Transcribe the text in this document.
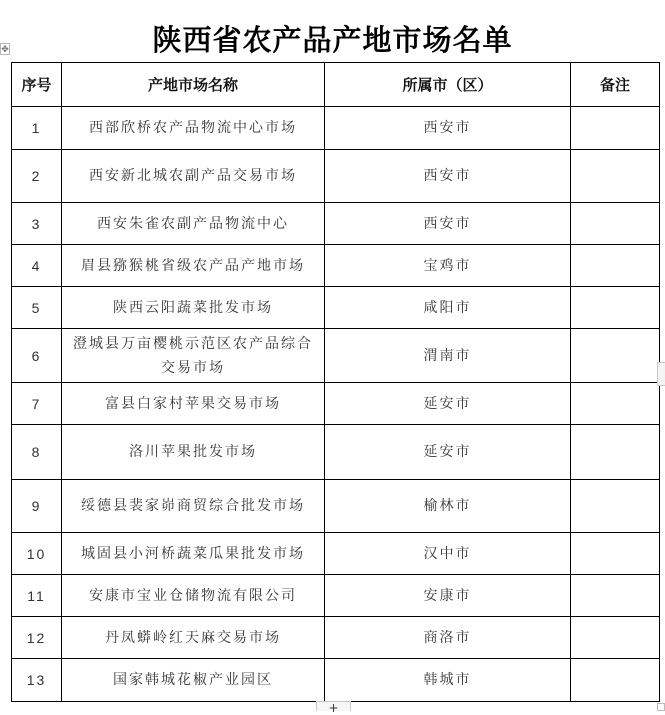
陕西省农产品产地市场名单
✥
序号	产地市场名称	所属市（区）	备注
1	西部欣桥农产品物流中心市场	西安市	
2	西安新北城农副产品交易市场	西安市	
3	西安朱雀农副产品物流中心	西安市	
4	眉县猕猴桃省级农产品产地市场	宝鸡市	
5	陕西云阳蔬菜批发市场	咸阳市	
6	澄城县万亩樱桃示范区农产品综合交易市场	渭南市	
7	富县白家村苹果交易市场	延安市	
8	洛川苹果批发市场	延安市	
9	绥德县裴家峁商贸综合批发市场	榆林市	
10	城固县小河桥蔬菜瓜果批发市场	汉中市	
11	安康市宝业仓储物流有限公司	安康市	
12	丹凤蟒岭红天麻交易市场	商洛市	
13	国家韩城花椒产业园区	韩城市	
+
